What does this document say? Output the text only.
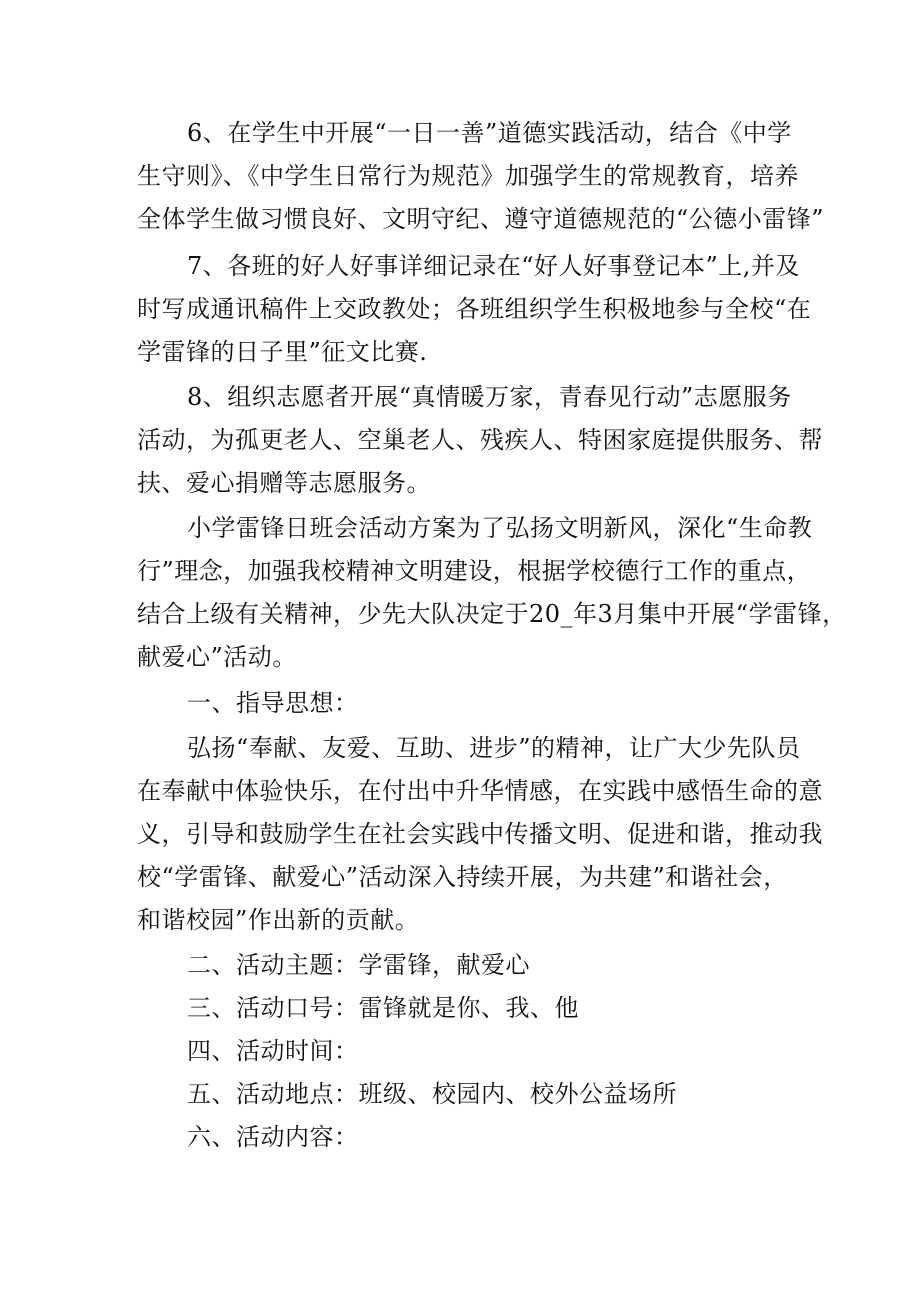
6、在学生中开展“一日一善”道德实践活动，结合《中学
生守则》、《中学生日常行为规范》加强学生的常规教育，培养
全体学生做习惯良好、文明守纪、遵守道德规范的“公德小雷锋”
7、各班的好人好事详细记录在“好人好事登记本”上,并及
时写成通讯稿件上交政教处；各班组织学生积极地参与全校“在
学雷锋的日子里”征文比赛.
8、组织志愿者开展“真情暖万家，青春见行动”志愿服务
活动，为孤更老人、空巢老人、残疾人、特困家庭提供服务、帮
扶、爱心捐赠等志愿服务。
小学雷锋日班会活动方案为了弘扬文明新风，深化“生命教
行”理念，加强我校精神文明建设，根据学校德行工作的重点，
结合上级有关精神，少先大队决定于20_年3月集中开展“学雷锋，
献爱心”活动。
一、指导思想：
弘扬“奉献、友爱、互助、进步”的精神，让广大少先队员
在奉献中体验快乐，在付出中升华情感，在实践中感悟生命的意
义，引导和鼓励学生在社会实践中传播文明、促进和谐，推动我
校“学雷锋、献爱心”活动深入持续开展，为共建”和谐社会，
和谐校园”作出新的贡献。
二、活动主题：学雷锋，献爱心
三、活动口号：雷锋就是你、我、他
四、活动时间：
五、活动地点：班级、校园内、校外公益场所
六、活动内容：
